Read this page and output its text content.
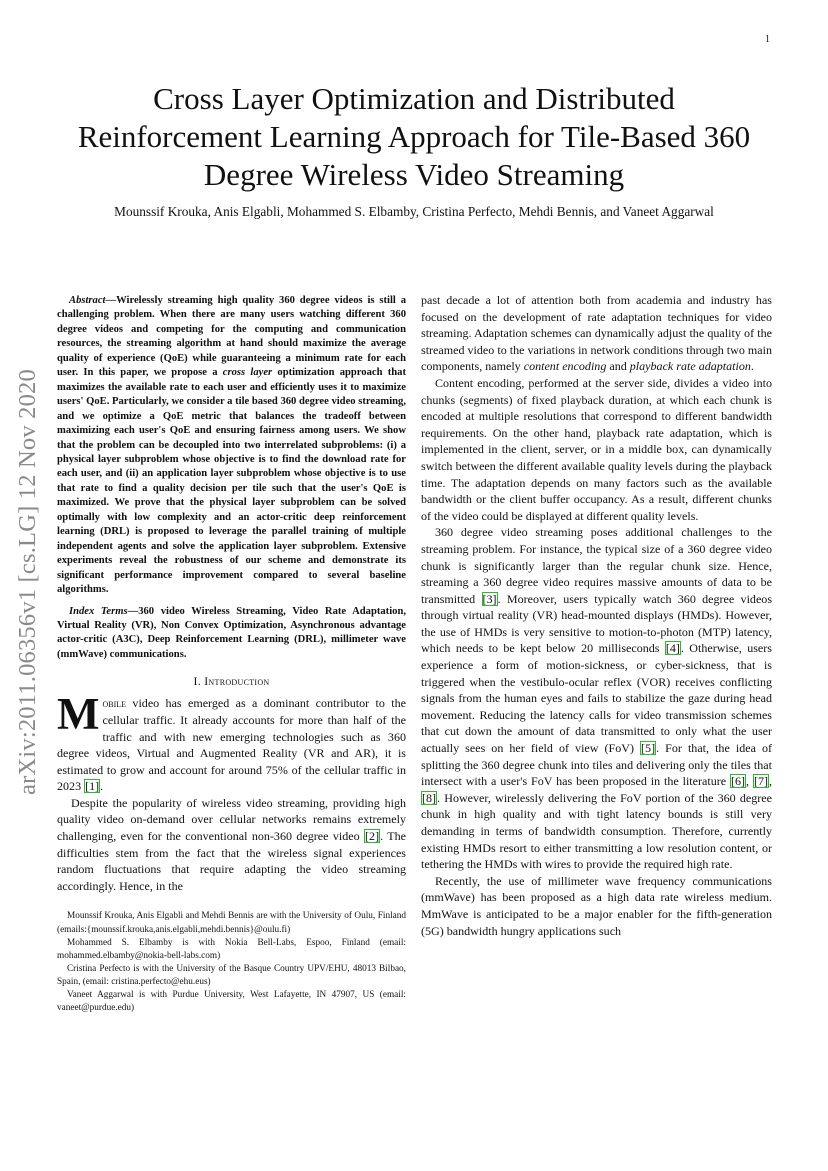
1
Cross Layer Optimization and Distributed Reinforcement Learning Approach for Tile-Based 360 Degree Wireless Video Streaming
Mounssif Krouka, Anis Elgabli, Mohammed S. Elbamby, Cristina Perfecto, Mehdi Bennis, and Vaneet Aggarwal
arXiv:2011.06356v1 [cs.LG] 12 Nov 2020

Abstract—Wirelessly streaming high quality 360 degree videos is still a challenging problem. When there are many users watching different 360 degree videos and competing for the computing and communication resources, the streaming algorithm at hand should maximize the average quality of experience (QoE) while guaranteeing a minimum rate for each user. In this paper, we propose a cross layer optimization approach that maximizes the available rate to each user and efficiently uses it to maximize users' QoE. Particularly, we consider a tile based 360 degree video streaming, and we optimize a QoE metric that balances the tradeoff between maximizing each user's QoE and ensuring fairness among users. We show that the problem can be decoupled into two interrelated subproblems: (i) a physical layer subproblem whose objective is to find the download rate for each user, and (ii) an application layer subproblem whose objective is to use that rate to find a quality decision per tile such that the user's QoE is maximized. We prove that the physical layer subproblem can be solved optimally with low complexity and an actor-critic deep reinforcement learning (DRL) is proposed to leverage the parallel training of multiple independent agents and solve the application layer subproblem. Extensive experiments reveal the robustness of our scheme and demonstrate its significant performance improvement compared to several baseline algorithms.

Index Terms—360 video Wireless Streaming, Video Rate Adaptation, Virtual Reality (VR), Non Convex Optimization, Asynchronous advantage actor-critic (A3C), Deep Reinforcement Learning (DRL), millimeter wave (mmWave) communications.

I. Introduction

Mobile video has emerged as a dominant contributor to the cellular traffic. It already accounts for more than half of the traffic and with new emerging technologies such as 360 degree videos, Virtual and Augmented Reality (VR and AR), it is estimated to grow and account for around 75% of the cellular traffic in 2023 [1].

Despite the popularity of wireless video streaming, providing high quality video on-demand over cellular networks remains extremely challenging, even for the conventional non-360 degree video [2]. The difficulties stem from the fact that the wireless signal experiences random fluctuations that require adapting the video streaming accordingly. Hence, in the

Mounssif Krouka, Anis Elgabli and Mehdi Bennis are with the University of Oulu, Finland (emails:{mounssif.krouka,anis.elgabli,mehdi.bennis}@oulu.fi)

Mohammed S. Elbamby is with Nokia Bell-Labs, Espoo, Finland (email: mohammed.elbamby@nokia-bell-labs.com)

Cristina Perfecto is with the University of the Basque Country UPV/EHU, 48013 Bilbao, Spain, (email: cristina.perfecto@ehu.eus)

Vaneet Aggarwal is with Purdue University, West Lafayette, IN 47907, US (email: vaneet@purdue.edu)

past decade a lot of attention both from academia and industry has focused on the development of rate adaptation techniques for video streaming. Adaptation schemes can dynamically adjust the quality of the streamed video to the variations in network conditions through two main components, namely content encoding and playback rate adaptation.

Content encoding, performed at the server side, divides a video into chunks (segments) of fixed playback duration, at which each chunk is encoded at multiple resolutions that correspond to different bandwidth requirements. On the other hand, playback rate adaptation, which is implemented in the client, server, or in a middle box, can dynamically switch between the different available quality levels during the playback time. The adaptation depends on many factors such as the available bandwidth or the client buffer occupancy. As a result, different chunks of the video could be displayed at different quality levels.

360 degree video streaming poses additional challenges to the streaming problem. For instance, the typical size of a 360 degree video chunk is significantly larger than the regular chunk size. Hence, streaming a 360 degree video requires massive amounts of data to be transmitted [3]. Moreover, users typically watch 360 degree videos through virtual reality (VR) head-mounted displays (HMDs). However, the use of HMDs is very sensitive to motion-to-photon (MTP) latency, which needs to be kept below 20 milliseconds [4]. Otherwise, users experience a form of motion-sickness, or cyber-sickness, that is triggered when the vestibulo-ocular reflex (VOR) receives conflicting signals from the human eyes and fails to stabilize the gaze during head movement. Reducing the latency calls for video transmission schemes that cut down the amount of data transmitted to only what the user actually sees on her field of view (FoV) [5]. For that, the idea of splitting the 360 degree chunk into tiles and delivering only the tiles that intersect with a user's FoV has been proposed in the literature [6], [7], [8]. However, wirelessly delivering the FoV portion of the 360 degree chunk in high quality and with tight latency bounds is still very demanding in terms of bandwidth consumption. Therefore, currently existing HMDs resort to either transmitting a low resolution content, or tethering the HMDs with wires to provide the required high rate.

Recently, the use of millimeter wave frequency communications (mmWave) has been proposed as a high data rate wireless medium. MmWave is anticipated to be a major enabler for the fifth-generation (5G) bandwidth hungry applications such
